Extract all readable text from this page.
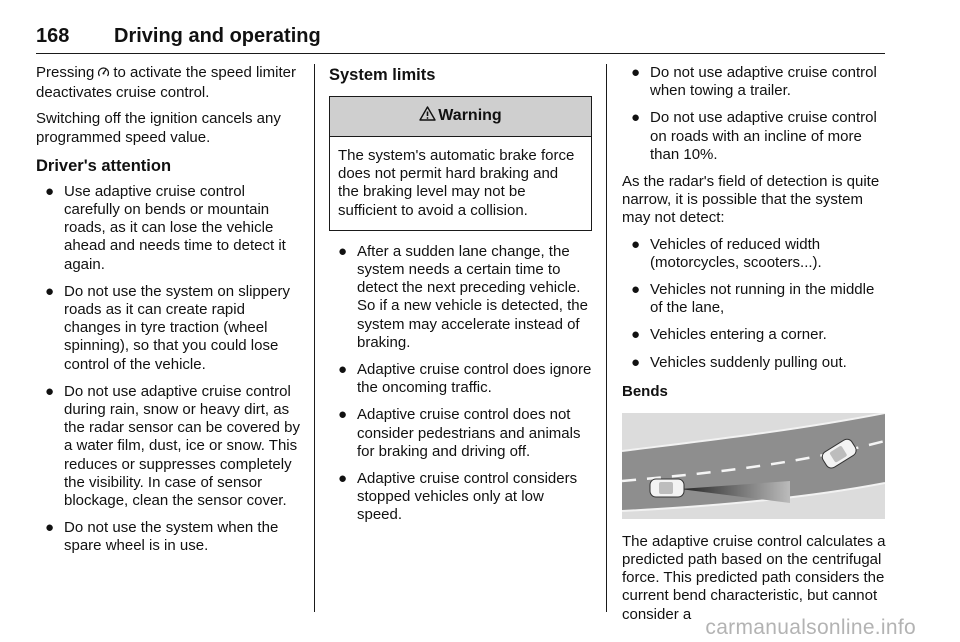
168 Driving and operating

Pressing to activate the speed limiter deactivates cruise control.

Switching off the ignition cancels any programmed speed value.

Driver's attention
● Use adaptive cruise control carefully on bends or mountain roads, as it can lose the vehicle ahead and needs time to detect it again.
● Do not use the system on slippery roads as it can create rapid changes in tyre traction (wheel spinning), so that you could lose control of the vehicle.
● Do not use adaptive cruise control during rain, snow or heavy dirt, as the radar sensor can be covered by a water film, dust, ice or snow. This reduces or suppresses completely the visibility. In case of sensor blockage, clean the sensor cover.
● Do not use the system when the spare wheel is in use.
System limits
Warning
The system's automatic brake force does not permit hard braking and the braking level may not be sufficient to avoid a collision.
● After a sudden lane change, the system needs a certain time to detect the next preceding vehicle. So if a new vehicle is detected, the system may accelerate instead of braking.
● Adaptive cruise control does ignore the oncoming traffic.
● Adaptive cruise control does not consider pedestrians and animals for braking and driving off.
● Adaptive cruise control considers stopped vehicles only at low speed.
● Do not use adaptive cruise control when towing a trailer.
● Do not use adaptive cruise control on roads with an incline of more than 10%.

As the radar's field of detection is quite narrow, it is possible that the system may not detect:

● Vehicles of reduced width (motorcycles, scooters...).
● Vehicles not running in the middle of the lane,
● Vehicles entering a corner.
● Vehicles suddenly pulling out.
Bends

The adaptive cruise control calculates a predicted path based on the centrifugal force. This predicted path considers the current bend characteristic, but cannot consider a

carmanualsonline.info
